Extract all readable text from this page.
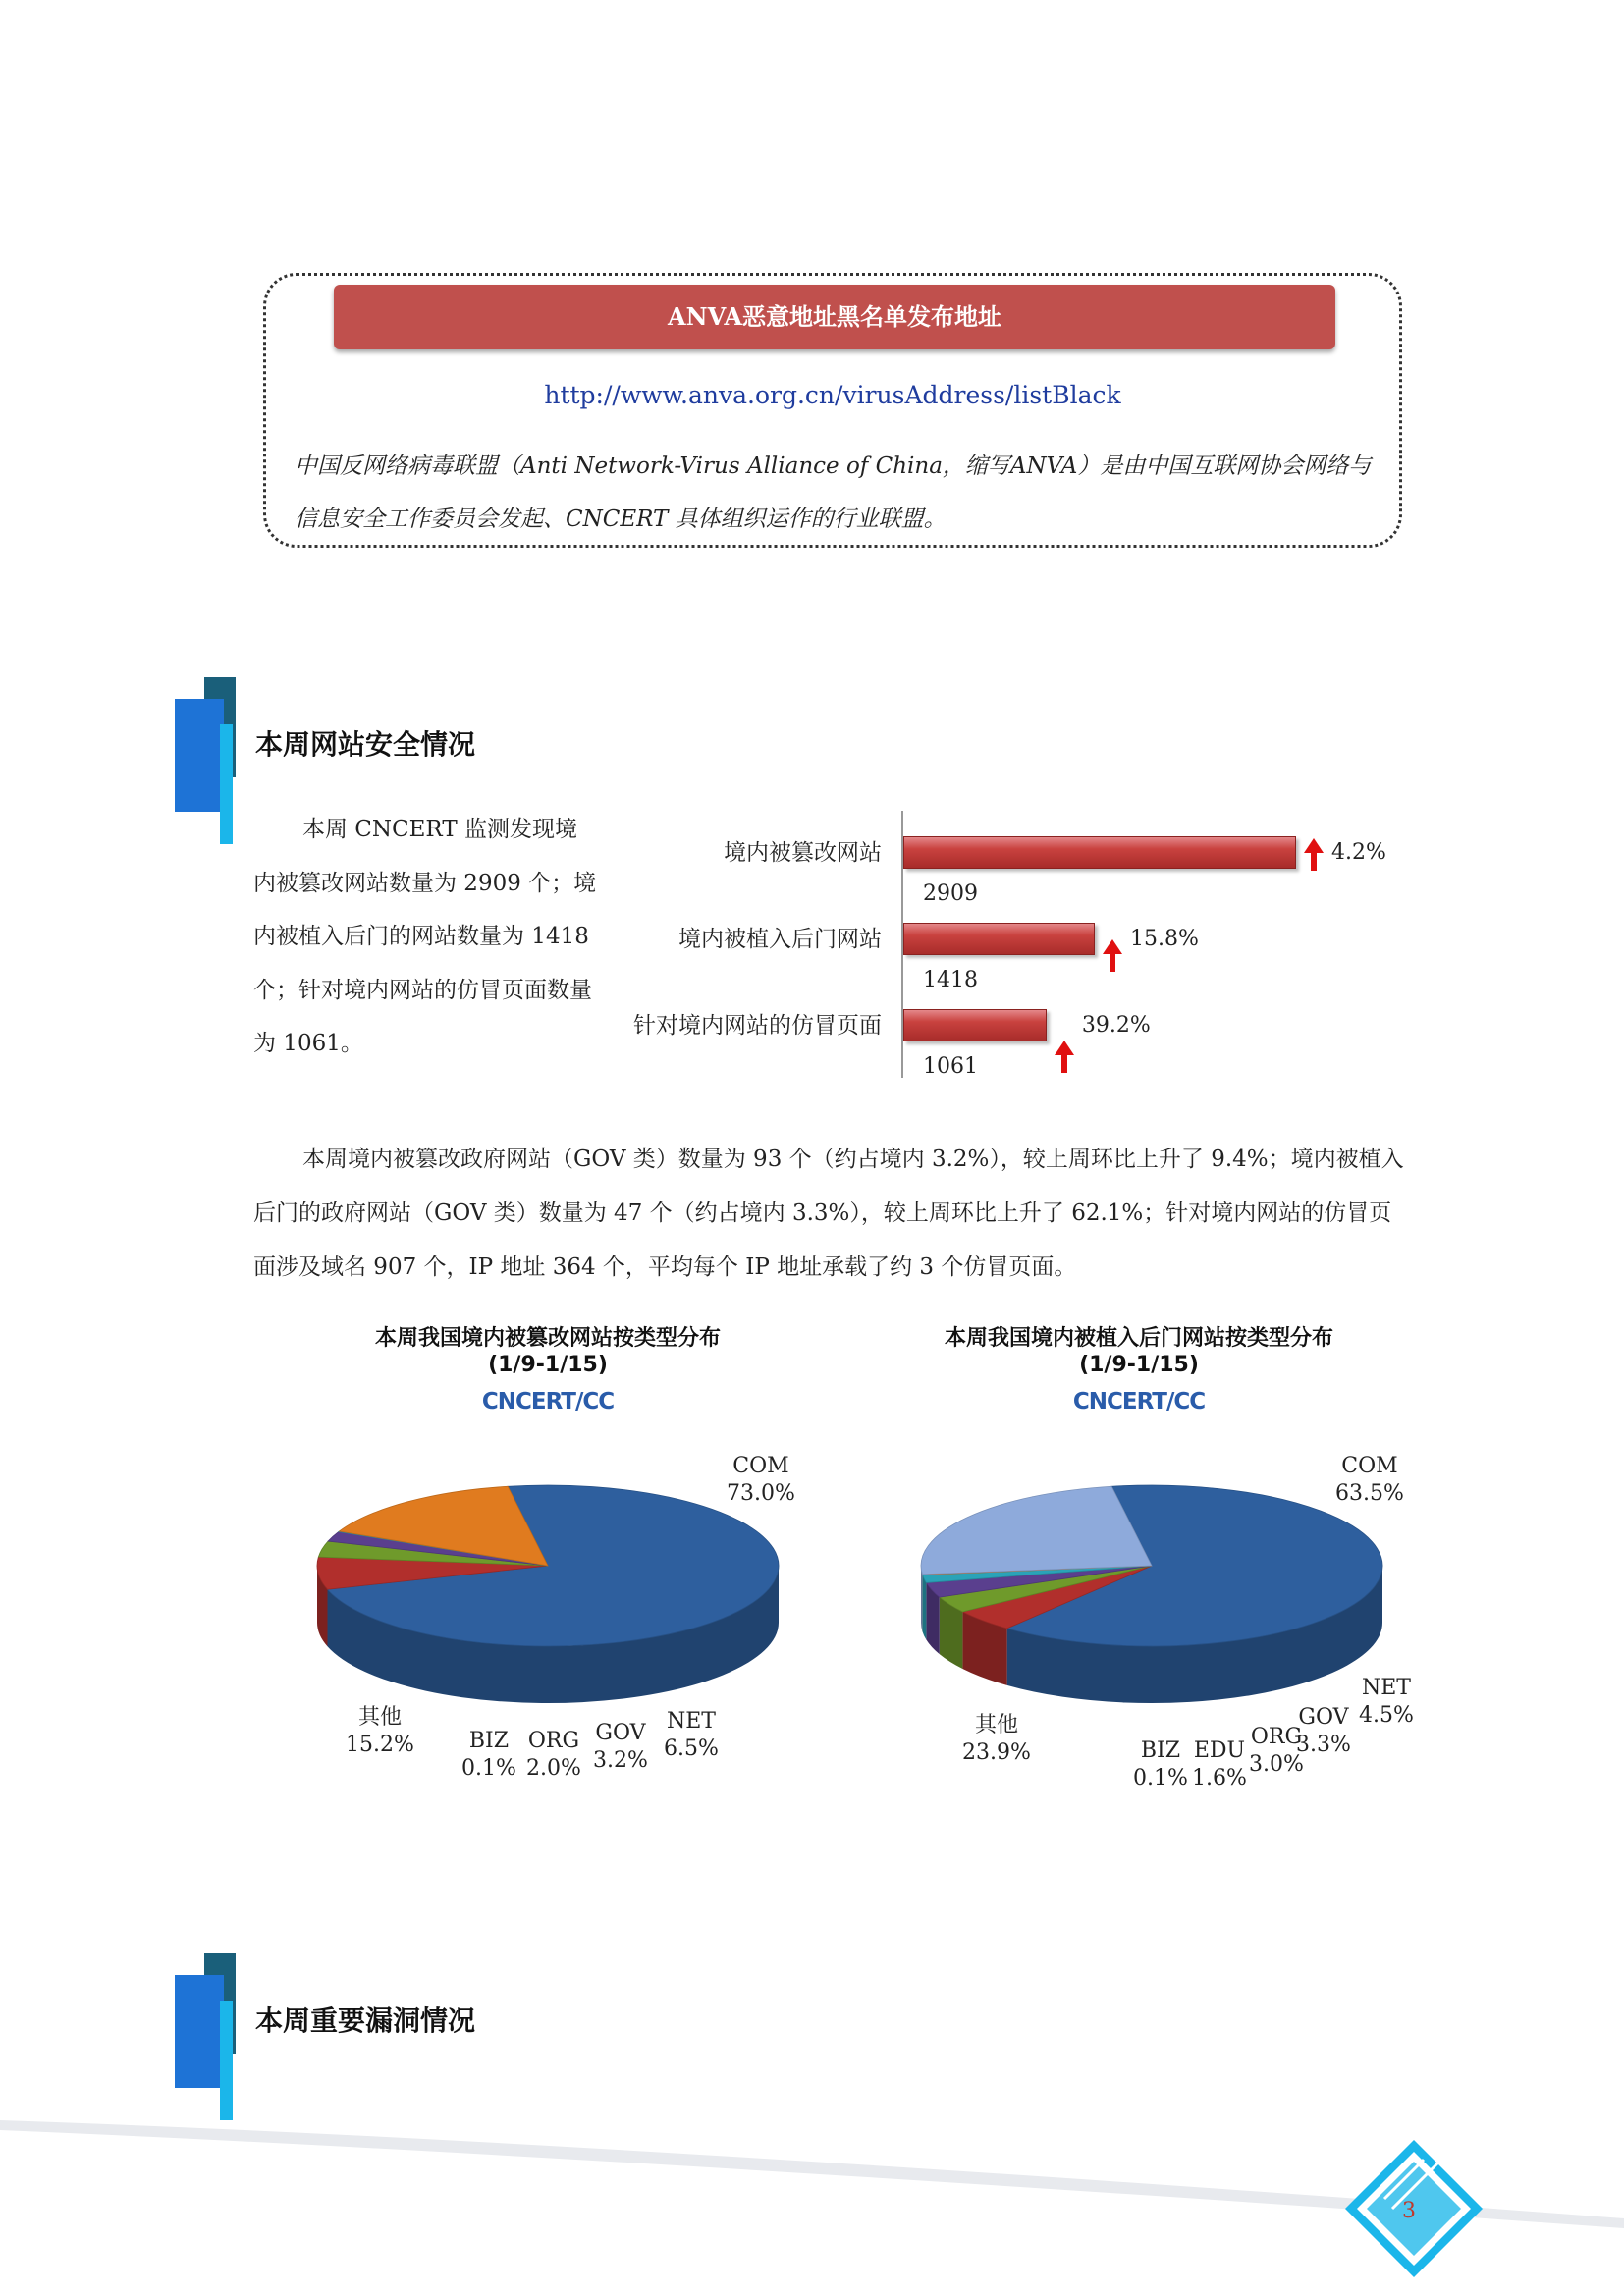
ANVA恶意地址黑名单发布地址
http://www.anva.org.cn/virusAddress/listBlack
中国反网络病毒联盟（Anti Network-Virus Alliance of China，缩写ANVA）是由中国互联网协会网络与信息安全工作委员会发起、CNCERT 具体组织运作的行业联盟。
本周网站安全情况
本周 CNCERT 监测发现境内被篡改网站数量为 2909 个；境内被植入后门的网站数量为 1418 个；针对境内网站的仿冒页面数量为 1061。
境内被篡改网站
2909
4.2%
境内被植入后门网站
1418
15.8%
针对境内网站的仿冒页面
1061
39.2%
本周境内被篡改政府网站（GOV 类）数量为 93 个（约占境内 3.2%），较上周环比上升了 9.4%；境内被植入后门的政府网站（GOV 类）数量为 47 个（约占境内 3.3%），较上周环比上升了 62.1%；针对境内网站的仿冒页面涉及域名 907 个，IP 地址 364 个，平均每个 IP 地址承载了约 3 个仿冒页面。
本周我国境内被篡改网站按类型分布
(1/9-1/15)
CNCERT/CC
COM
73.0%
NET
6.5%
GOV
3.2%
ORG
2.0%
BIZ
0.1%
其他
15.2%
本周我国境内被植入后门网站按类型分布
(1/9-1/15)
CNCERT/CC
COM
63.5%
NET
4.5%
GOV
3.3%
ORG
3.0%
EDU
1.6%
BIZ
0.1%
其他
23.9%
本周重要漏洞情况
3
